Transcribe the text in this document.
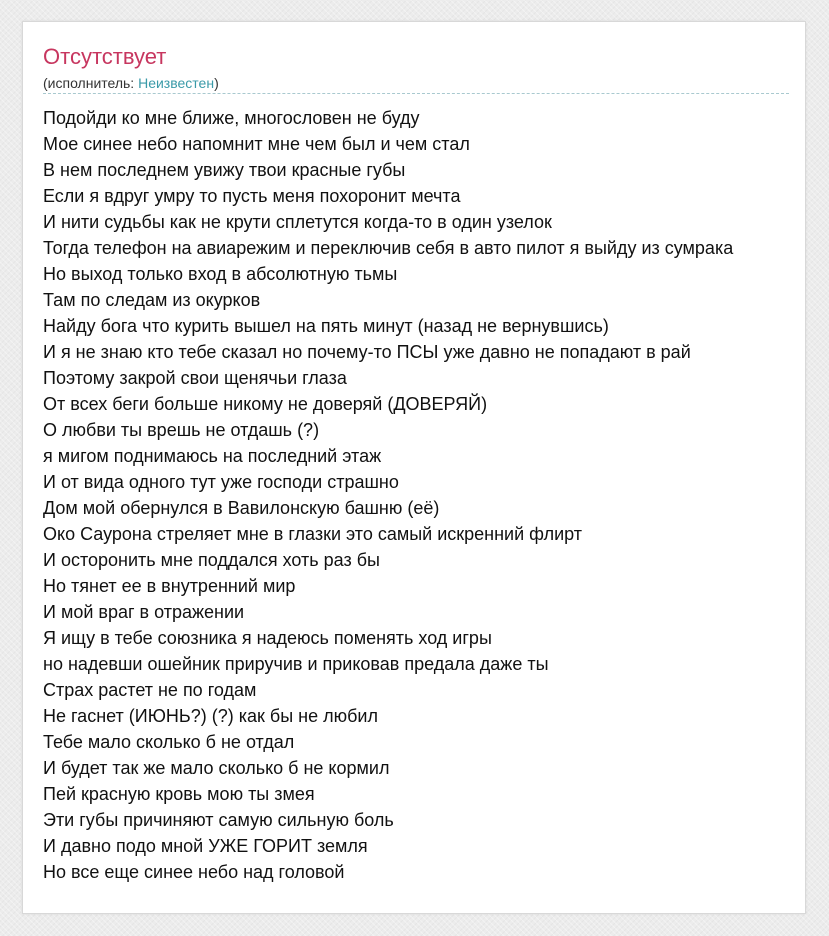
Отсутствует
(исполнитель: Неизвестен)
Подойди ко мне ближе, многословен не буду
Мое синее небо напомнит мне чем был и чем стал
В нем последнем увижу твои красные губы
Если я вдруг умру то пусть меня похоронит мечта
И нити судьбы как не крути сплетутся когда-то в один узелок
Тогда телефон на авиарежим и переключив себя в авто пилот я выйду из сумрака
Но выход только вход в абсолютную тьмы
Там по следам из окурков
Найду бога что курить вышел на пять минут (назад не вернувшись)
И я не знаю кто тебе сказал но почему-то ПСЫ уже давно не попадают в рай
Поэтому закрой свои щенячьи глаза
От всех беги больше никому не доверяй (ДОВЕРЯЙ)
О любви ты врешь не отдашь (?)
я мигом поднимаюсь на последний этаж
И от вида одного тут уже господи страшно
Дом мой обернулся в Вавилонскую башню (её)
Око Саурона стреляет мне в глазки это самый искренний флирт
И осторонить мне поддался хоть раз бы
Но тянет ее в внутренний мир
И мой враг в отражении
Я ищу в тебе союзника я надеюсь поменять ход игры
но надевши ошейник приручив и приковав предала даже ты
Страх растет не по годам
Не гаснет (ИЮНЬ?) (?) как бы не любил
Тебе мало сколько б не отдал
И будет так же мало сколько б не кормил
Пей красную кровь мою ты змея
Эти губы причиняют самую сильную боль
И давно подо мной УЖЕ ГОРИТ земля
Но все еще синее небо над головой
